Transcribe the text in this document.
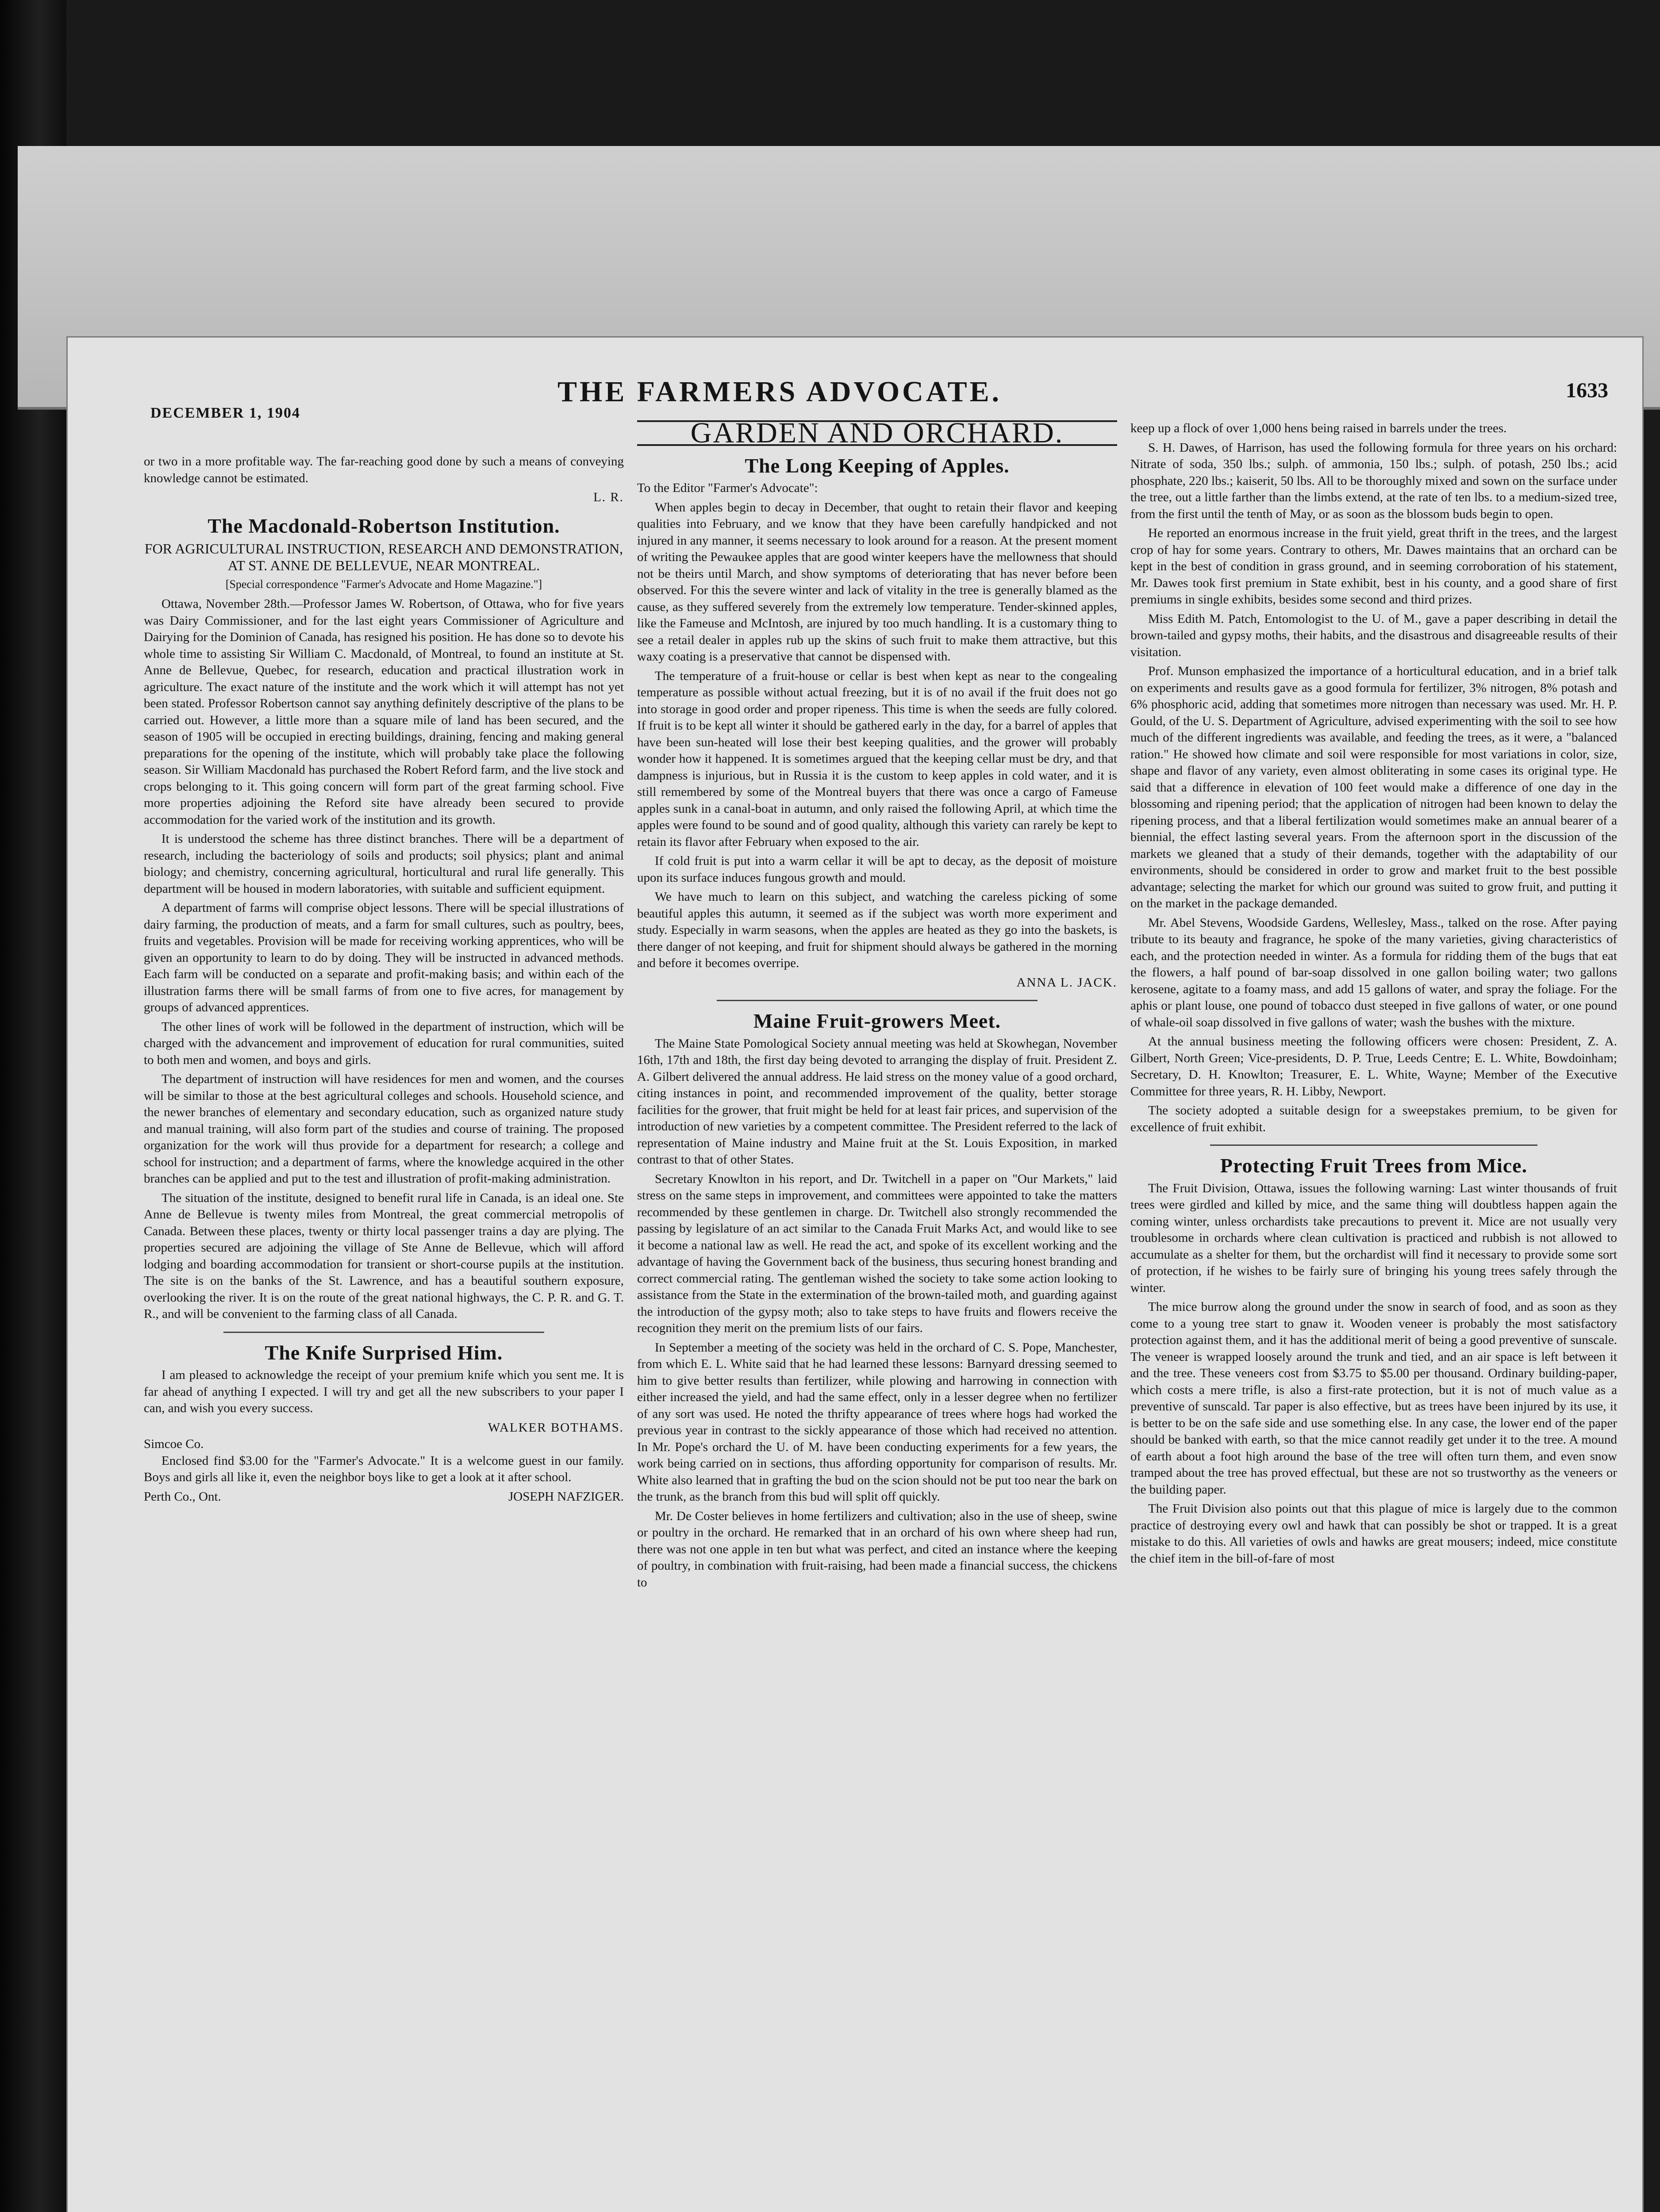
DECEMBER 1, 1904
THE FARMERS ADVOCATE.	1633

or two in a more profitable way. The far-reaching good done by such a means of conveying knowledge cannot be estimated.

L. R.
The Macdonald-Robertson Institution.
FOR AGRICULTURAL INSTRUCTION, RESEARCH AND DEMONSTRATION, AT ST. ANNE DE BELLEVUE, NEAR MONTREAL.
[Special correspondence "Farmer's Advocate and Home Magazine."]

Ottawa, November 28th.—Professor James W. Robertson, of Ottawa, who for five years was Dairy Commissioner, and for the last eight years Commissioner of Agriculture and Dairying for the Dominion of Canada, has resigned his position. He has done so to devote his whole time to assisting Sir William C. Macdonald, of Montreal, to found an institute at St. Anne de Bellevue, Quebec, for research, education and practical illustration work in agriculture. The exact nature of the institute and the work which it will attempt has not yet been stated. Professor Robertson cannot say anything definitely descriptive of the plans to be carried out. However, a little more than a square mile of land has been secured, and the season of 1905 will be occupied in erecting buildings, draining, fencing and making general preparations for the opening of the institute, which will probably take place the following season. Sir William Macdonald has purchased the Robert Reford farm, and the live stock and crops belonging to it. This going concern will form part of the great farming school. Five more properties adjoining the Reford site have already been secured to provide accommodation for the varied work of the institution and its growth.

It is understood the scheme has three distinct branches. There will be a department of research, including the bacteriology of soils and products; soil physics; plant and animal biology; and chemistry, concerning agricultural, horticultural and rural life generally. This department will be housed in modern laboratories, with suitable and sufficient equipment.

A department of farms will comprise object lessons. There will be special illustrations of dairy farming, the production of meats, and a farm for small cultures, such as poultry, bees, fruits and vegetables. Provision will be made for receiving working apprentices, who will be given an opportunity to learn to do by doing. They will be instructed in advanced methods. Each farm will be conducted on a separate and profit-making basis; and within each of the illustration farms there will be small farms of from one to five acres, for management by groups of advanced apprentices.

The other lines of work will be followed in the department of instruction, which will be charged with the advancement and improvement of education for rural communities, suited to both men and women, and boys and girls.

The department of instruction will have residences for men and women, and the courses will be similar to those at the best agricultural colleges and schools. Household science, and the newer branches of elementary and secondary education, such as organized nature study and manual training, will also form part of the studies and course of training. The proposed organization for the work will thus provide for a department for research; a college and school for instruction; and a department of farms, where the knowledge acquired in the other branches can be applied and put to the test and illustration of profit-making administration.

The situation of the institute, designed to benefit rural life in Canada, is an ideal one. Ste Anne de Bellevue is twenty miles from Montreal, the great commercial metropolis of Canada. Between these places, twenty or thirty local passenger trains a day are plying. The properties secured are adjoining the village of Ste Anne de Bellevue, which will afford lodging and boarding accommodation for transient or short-course pupils at the institution. The site is on the banks of the St. Lawrence, and has a beautiful southern exposure, overlooking the river. It is on the route of the great national highways, the C. P. R. and G. T. R., and will be convenient to the farming class of all Canada.

The Knife Surprised Him.

I am pleased to acknowledge the receipt of your premium knife which you sent me. It is far ahead of anything I expected. I will try and get all the new subscribers to your paper I can, and wish you every success.

WALKER BOTHAMS.
Simcoe Co.

Enclosed find $3.00 for the "Farmer's Advocate." It is a welcome guest in our family. Boys and girls all like it, even the neighbor boys like to get a look at it after school.

Perth Co., Ont.	JOSEPH NAFZIGER.
GARDEN AND ORCHARD.
The Long Keeping of Apples.

To the Editor "Farmer's Advocate":

When apples begin to decay in December, that ought to retain their flavor and keeping qualities into February, and we know that they have been carefully handpicked and not injured in any manner, it seems necessary to look around for a reason. At the present moment of writing the Pewaukee apples that are good winter keepers have the mellowness that should not be theirs until March, and show symptoms of deteriorating that has never before been observed. For this the severe winter and lack of vitality in the tree is generally blamed as the cause, as they suffered severely from the extremely low temperature. Tender-skinned apples, like the Fameuse and McIntosh, are injured by too much handling. It is a customary thing to see a retail dealer in apples rub up the skins of such fruit to make them attractive, but this waxy coating is a preservative that cannot be dispensed with.

The temperature of a fruit-house or cellar is best when kept as near to the congealing temperature as possible without actual freezing, but it is of no avail if the fruit does not go into storage in good order and proper ripeness. This time is when the seeds are fully colored. If fruit is to be kept all winter it should be gathered early in the day, for a barrel of apples that have been sun-heated will lose their best keeping qualities, and the grower will probably wonder how it happened. It is sometimes argued that the keeping cellar must be dry, and that dampness is injurious, but in Russia it is the custom to keep apples in cold water, and it is still remembered by some of the Montreal buyers that there was once a cargo of Fameuse apples sunk in a canal-boat in autumn, and only raised the following April, at which time the apples were found to be sound and of good quality, although this variety can rarely be kept to retain its flavor after February when exposed to the air.

If cold fruit is put into a warm cellar it will be apt to decay, as the deposit of moisture upon its surface induces fungous growth and mould.

We have much to learn on this subject, and watching the careless picking of some beautiful apples this autumn, it seemed as if the subject was worth more experiment and study. Especially in warm seasons, when the apples are heated as they go into the baskets, is there danger of not keeping, and fruit for shipment should always be gathered in the morning and before it becomes overripe.

ANNA L. JACK.
Maine Fruit-growers Meet.

The Maine State Pomological Society annual meeting was held at Skowhegan, November 16th, 17th and 18th, the first day being devoted to arranging the display of fruit. President Z. A. Gilbert delivered the annual address. He laid stress on the money value of a good orchard, citing instances in point, and recommended improvement of the quality, better storage facilities for the grower, that fruit might be held for at least fair prices, and supervision of the introduction of new varieties by a competent committee. The President referred to the lack of representation of Maine industry and Maine fruit at the St. Louis Exposition, in marked contrast to that of other States.

Secretary Knowlton in his report, and Dr. Twitchell in a paper on "Our Markets," laid stress on the same steps in improvement, and committees were appointed to take the matters recommended by these gentlemen in charge. Dr. Twitchell also strongly recommended the passing by legislature of an act similar to the Canada Fruit Marks Act, and would like to see it become a national law as well. He read the act, and spoke of its excellent working and the advantage of having the Government back of the business, thus securing honest branding and correct commercial rating. The gentleman wished the society to take some action looking to assistance from the State in the extermination of the brown-tailed moth, and guarding against the introduction of the gypsy moth; also to take steps to have fruits and flowers receive the recognition they merit on the premium lists of our fairs.

In September a meeting of the society was held in the orchard of C. S. Pope, Manchester, from which E. L. White said that he had learned these lessons: Barnyard dressing seemed to him to give better results than fertilizer, while plowing and harrowing in connection with either increased the yield, and had the same effect, only in a lesser degree when no fertilizer of any sort was used. He noted the thrifty appearance of trees where hogs had worked the previous year in contrast to the sickly appearance of those which had received no attention. In Mr. Pope's orchard the U. of M. have been conducting experiments for a few years, the work being carried on in sections, thus affording opportunity for comparison of results. Mr. White also learned that in grafting the bud on the scion should not be put too near the bark on the trunk, as the branch from this bud will split off quickly.

Mr. De Coster believes in home fertilizers and cultivation; also in the use of sheep, swine or poultry in the orchard. He remarked that in an orchard of his own where sheep had run, there was not one apple in ten but what was perfect, and cited an instance where the keeping of poultry, in combination with fruit-raising, had been made a financial success, the chickens to

keep up a flock of over 1,000 hens being raised in barrels under the trees.

S. H. Dawes, of Harrison, has used the following formula for three years on his orchard: Nitrate of soda, 350 lbs.; sulph. of ammonia, 150 lbs.; sulph. of potash, 250 lbs.; acid phosphate, 220 lbs.; kaiserit, 50 lbs. All to be thoroughly mixed and sown on the surface under the tree, out a little farther than the limbs extend, at the rate of ten lbs. to a medium-sized tree, from the first until the tenth of May, or as soon as the blossom buds begin to open.

He reported an enormous increase in the fruit yield, great thrift in the trees, and the largest crop of hay for some years. Contrary to others, Mr. Dawes maintains that an orchard can be kept in the best of condition in grass ground, and in seeming corroboration of his statement, Mr. Dawes took first premium in State exhibit, best in his county, and a good share of first premiums in single exhibits, besides some second and third prizes.

Miss Edith M. Patch, Entomologist to the U. of M., gave a paper describing in detail the brown-tailed and gypsy moths, their habits, and the disastrous and disagreeable results of their visitation.

Prof. Munson emphasized the importance of a horticultural education, and in a brief talk on experiments and results gave as a good formula for fertilizer, 3% nitrogen, 8% potash and 6% phosphoric acid, adding that sometimes more nitrogen than necessary was used. Mr. H. P. Gould, of the U. S. Department of Agriculture, advised experimenting with the soil to see how much of the different ingredients was available, and feeding the trees, as it were, a "balanced ration." He showed how climate and soil were responsible for most variations in color, size, shape and flavor of any variety, even almost obliterating in some cases its original type. He said that a difference in elevation of 100 feet would make a difference of one day in the blossoming and ripening period; that the application of nitrogen had been known to delay the ripening process, and that a liberal fertilization would sometimes make an annual bearer of a biennial, the effect lasting several years. From the afternoon sport in the discussion of the markets we gleaned that a study of their demands, together with the adaptability of our environments, should be considered in order to grow and market fruit to the best possible advantage; selecting the market for which our ground was suited to grow fruit, and putting it on the market in the package demanded.

Mr. Abel Stevens, Woodside Gardens, Wellesley, Mass., talked on the rose. After paying tribute to its beauty and fragrance, he spoke of the many varieties, giving characteristics of each, and the protection needed in winter. As a formula for ridding them of the bugs that eat the flowers, a half pound of bar-soap dissolved in one gallon boiling water; two gallons kerosene, agitate to a foamy mass, and add 15 gallons of water, and spray the foliage. For the aphis or plant louse, one pound of tobacco dust steeped in five gallons of water, or one pound of whale-oil soap dissolved in five gallons of water; wash the bushes with the mixture.

At the annual business meeting the following officers were chosen: President, Z. A. Gilbert, North Green; Vice-presidents, D. P. True, Leeds Centre; E. L. White, Bowdoinham; Secretary, D. H. Knowlton; Treasurer, E. L. White, Wayne; Member of the Executive Committee for three years, R. H. Libby, Newport.

The society adopted a suitable design for a sweepstakes premium, to be given for excellence of fruit exhibit.

Protecting Fruit Trees from Mice.

The Fruit Division, Ottawa, issues the following warning: Last winter thousands of fruit trees were girdled and killed by mice, and the same thing will doubtless happen again the coming winter, unless orchardists take precautions to prevent it. Mice are not usually very troublesome in orchards where clean cultivation is practiced and rubbish is not allowed to accumulate as a shelter for them, but the orchardist will find it necessary to provide some sort of protection, if he wishes to be fairly sure of bringing his young trees safely through the winter.

The mice burrow along the ground under the snow in search of food, and as soon as they come to a young tree start to gnaw it. Wooden veneer is probably the most satisfactory protection against them, and it has the additional merit of being a good preventive of sunscale. The veneer is wrapped loosely around the trunk and tied, and an air space is left between it and the tree. These veneers cost from $3.75 to $5.00 per thousand. Ordinary building-paper, which costs a mere trifle, is also a first-rate protection, but it is not of much value as a preventive of sunscald. Tar paper is also effective, but as trees have been injured by its use, it is better to be on the safe side and use something else. In any case, the lower end of the paper should be banked with earth, so that the mice cannot readily get under it to the tree. A mound of earth about a foot high around the base of the tree will often turn them, and even snow tramped about the tree has proved effectual, but these are not so trustworthy as the veneers or the building paper.

The Fruit Division also points out that this plague of mice is largely due to the common practice of destroying every owl and hawk that can possibly be shot or trapped. It is a great mistake to do this. All varieties of owls and hawks are great mousers; indeed, mice constitute the chief item in the bill-of-fare of most
